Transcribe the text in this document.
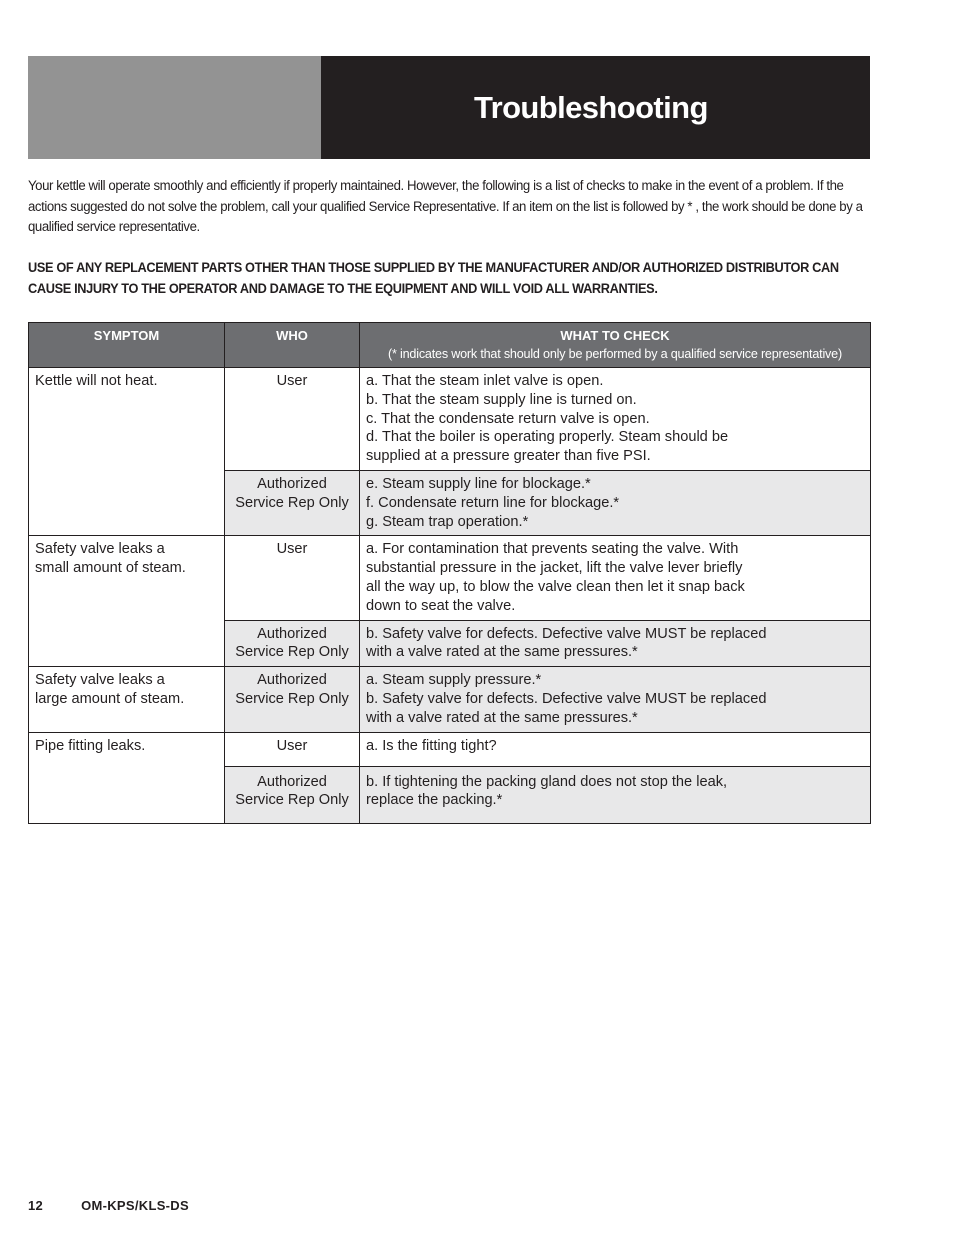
Troubleshooting

Your kettle will operate smoothly and efficiently if properly maintained. However, the following is a list of checks to make in the event of a problem. If the actions suggested do not solve the problem, call your qualified Service Representative. If an item on the list is followed by * , the work should be done by a qualified service representative.

USE OF ANY REPLACEMENT PARTS OTHER THAN THOSE SUPPLIED BY THE MANUFACTURER AND/OR AUTHORIZED DISTRIBUTOR CAN CAUSE INJURY TO THE OPERATOR AND DAMAGE TO THE EQUIPMENT AND WILL VOID ALL WARRANTIES.

SYMPTOM	WHO	WHAT TO CHECK
(* indicates work that should only be performed by a qualified service representative)

Kettle will not heat.	User	a. That the steam inlet valve is open.
b. That the steam supply line is turned on.
c. That the condensate return valve is open.
d. That the boiler is operating properly. Steam should be
supplied at a pressure greater than five PSI.

	Authorized
Service Rep Only	e. Steam supply line for blockage.*
f. Condensate return line for blockage.*
g. Steam trap operation.*

Safety valve leaks a
small amount of steam.	User	a. For contamination that prevents seating the valve. With
substantial pressure in the jacket, lift the valve lever briefly
all the way up, to blow the valve clean then let it snap back
down to seat the valve.

	Authorized
Service Rep Only	b. Safety valve for defects. Defective valve MUST be replaced
with a valve rated at the same pressures.*

Safety valve leaks a
large amount of steam.	Authorized
Service Rep Only	a. Steam supply pressure.*
b. Safety valve for defects. Defective valve MUST be replaced
with a valve rated at the same pressures.*

Pipe fitting leaks.	User	a. Is the fitting tight?

	Authorized
Service Rep Only	b. If tightening the packing gland does not stop the leak,
replace the packing.*
12	OM-KPS/KLS-DS
